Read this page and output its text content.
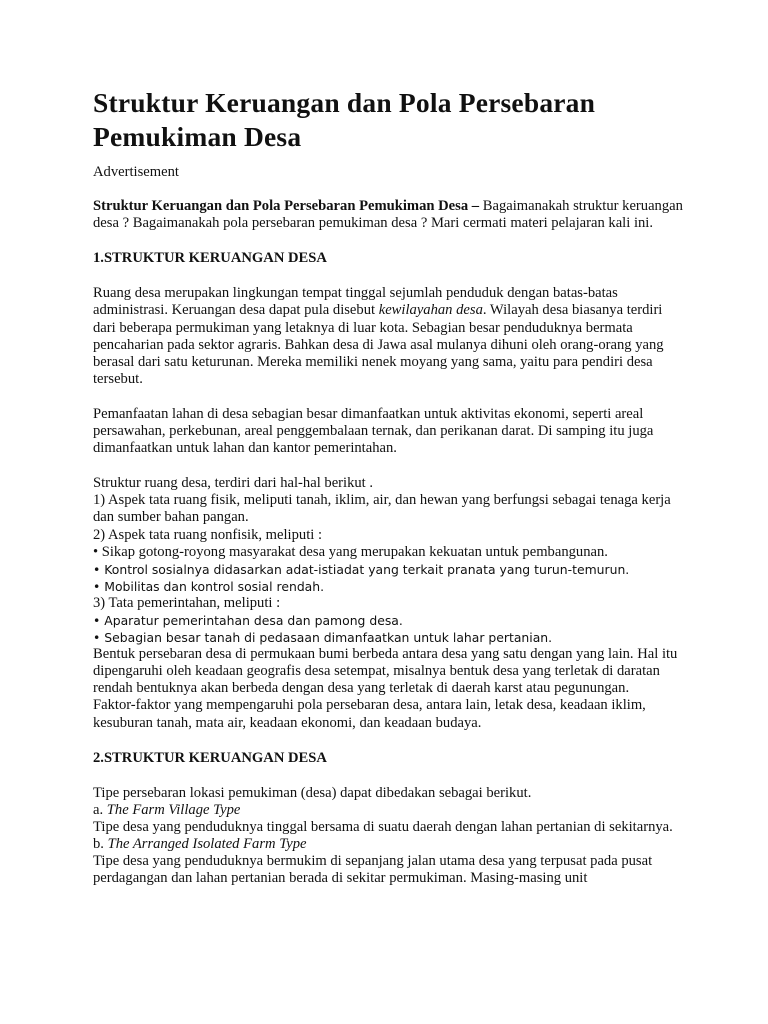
Struktur Keruangan dan Pola Persebaran Pemukiman Desa

Advertisement

Struktur Keruangan dan Pola Persebaran Pemukiman Desa – Bagaimanakah struktur keruangan desa ? Bagaimanakah pola persebaran pemukiman desa ? Mari cermati materi pelajaran kali ini.

1.STRUKTUR KERUANGAN DESA

Ruang desa merupakan lingkungan tempat tinggal sejumlah penduduk dengan batas-batas administrasi. Keruangan desa dapat pula disebut kewilayahan desa. Wilayah desa biasanya terdiri dari beberapa permukiman yang letaknya di luar kota. Sebagian besar penduduknya bermata pencaharian pada sektor agraris. Bahkan desa di Jawa asal mulanya dihuni oleh orang-orang yang berasal dari satu keturunan. Mereka memiliki nenek moyang yang sama, yaitu para pendiri desa tersebut.

Pemanfaatan lahan di desa sebagian besar dimanfaatkan untuk aktivitas ekonomi, seperti areal persawahan, perkebunan, areal penggembalaan ternak, dan perikanan darat. Di samping itu juga dimanfaatkan untuk lahan dan kantor pemerintahan.

Struktur ruang desa, terdiri dari hal-hal berikut .
1) Aspek tata ruang fisik, meliputi tanah, iklim, air, dan hewan yang berfungsi sebagai tenaga kerja dan sumber bahan pangan.
2) Aspek tata ruang nonfisik, meliputi :
• Sikap gotong-royong masyarakat desa yang merupakan kekuatan untuk pembangunan.
• Kontrol sosialnya didasarkan adat-istiadat yang terkait pranata yang turun-temurun.
• Mobilitas dan kontrol sosial rendah.
3) Tata pemerintahan, meliputi :
• Aparatur pemerintahan desa dan pamong desa.
• Sebagian besar tanah di pedasaan dimanfaatkan untuk lahar pertanian.
Bentuk persebaran desa di permukaan bumi berbeda antara desa yang satu dengan yang lain. Hal itu dipengaruhi oleh keadaan geografis desa setempat, misalnya bentuk desa yang terletak di daratan rendah bentuknya akan berbeda dengan desa yang terletak di daerah karst atau pegunungan.
Faktor-faktor yang mempengaruhi pola persebaran desa, antara lain, letak desa, keadaan iklim, kesuburan tanah, mata air, keadaan ekonomi, dan keadaan budaya.

2.STRUKTUR KERUANGAN DESA

Tipe persebaran lokasi pemukiman (desa) dapat dibedakan sebagai berikut.
a. The Farm Village Type
Tipe desa yang penduduknya tinggal bersama di suatu daerah dengan lahan pertanian di sekitarnya.
b. The Arranged Isolated Farm Type
Tipe desa yang penduduknya bermukim di sepanjang jalan utama desa yang terpusat pada pusat perdagangan dan lahan pertanian berada di sekitar permukiman. Masing-masing unit
